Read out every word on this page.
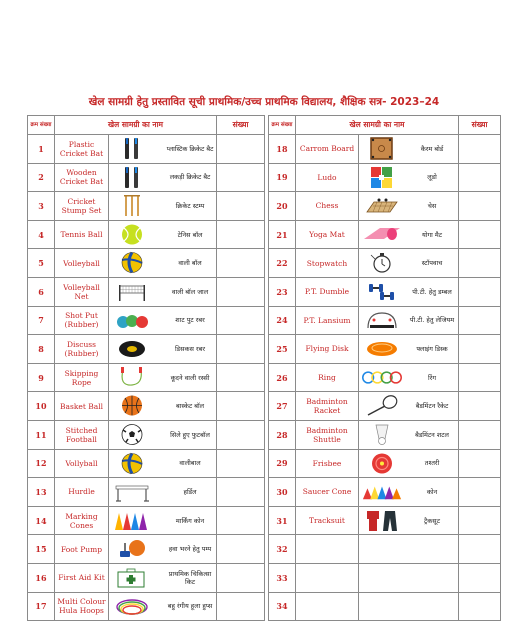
खेल सामग्री हेतु प्रस्तावित सूची प्राथमिक/उच्च प्राथमिक विद्यालय, शैक्षिक सत्र- 2023–24
क्रम संख्या	खेल सामग्री का नाम		संख्या
1	Plastic Cricket Bat	प्लास्टिक क्रिकेट बैट	

2	Wooden Cricket Bat	लकड़ी क्रिकेट बैट	

3	Cricket Stump Set	क्रिकेट स्टम्प	

4	Tennis Ball	टेनिस बॉल	

5	Volleyball	वाली बॉल	

6	Volleyball Net	वाली बॉल जाल	

7	Shot Put (Rubber)	शाट पुट रबर	

8	Discuss (Rubber)	डिसकस रबर	

9	Skipping Rope	कूदने वाली रस्सी	

10	Basket Ball	बास्केट बॉल	

11	Stitched Football	सिले हुए फुटबॉल	

12	Vollyball	वालीबाल	

13	Hurdle	हर्डिल	

14	Marking Cones	मार्किंग कोन	

15	Foot Pump	हवा भरने हेतु पम्प	

16	First Aid Kit	प्राथमिक चिकित्सा किट	

17	Multi Colour Hula Hoops	बहु रंगीय हूला हुप्स	

क्रम संख्या	खेल सामग्री का नाम		संख्या
18	Carrom Board	कैरम बोर्ड	

19	Ludo	लूडो	

20	Chess	चेस	

21	Yoga Mat	योगा मैट	

22	Stopwatch	स्टॉपवाच	

23	P.T. Dumble	पी.टी. हेतु डम्बल	

24	P.T. Lansium	पी.टी. हेतु लेजियम	

25	Flying Disk	फ्लाइंग डिस्क	

26	Ring	रिंग	

27	Badminton Racket	बैडमिंटन रैकेट	

28	Badminton Shuttle	बैडमिंटन शटल	

29	Frisbee	तश्तरी	

30	Saucer Cone	कोन	

31	Tracksuit	ट्रैकसूट	

32		

33		

34		
